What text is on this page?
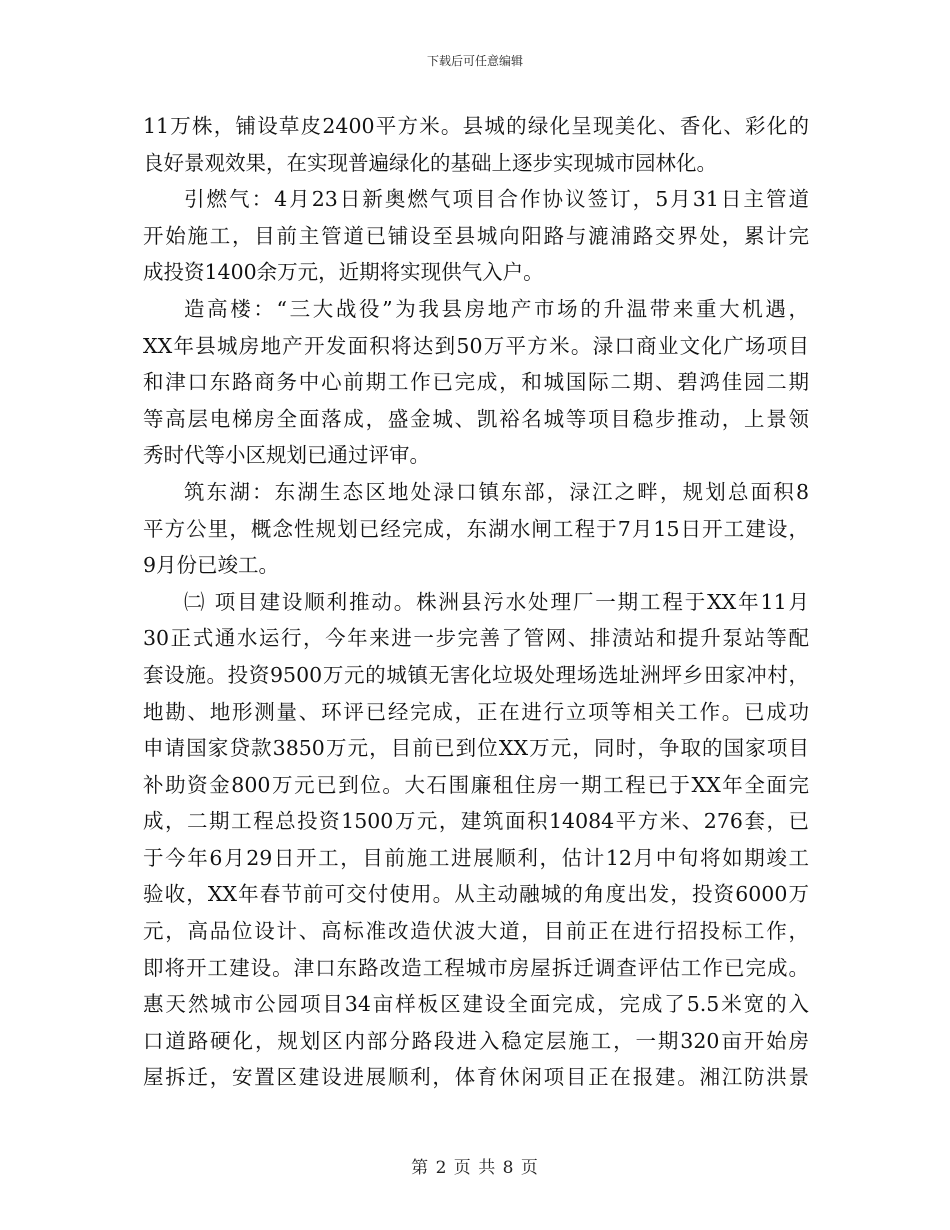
下载后可任意编辑
11万株，铺设草皮2400平方米。县城的绿化呈现美化、香化、彩化的
良好景观效果，在实现普遍绿化的基础上逐步实现城市园林化。
引燃气：4月23日新奥燃气项目合作协议签订，5月31日主管道
开始施工，目前主管道已铺设至县城向阳路与漉浦路交界处，累计完
成投资1400余万元，近期将实现供气入户。
造高楼：“三大战役”为我县房地产市场的升温带来重大机遇，
XX年县城房地产开发面积将达到50万平方米。渌口商业文化广场项目
和津口东路商务中心前期工作已完成，和城国际二期、碧鸿佳园二期
等高层电梯房全面落成，盛金城、凯裕名城等项目稳步推动，上景领
秀时代等小区规划已通过评审。
筑东湖：东湖生态区地处渌口镇东部，渌江之畔，规划总面积8
平方公里，概念性规划已经完成，东湖水闸工程于7月15日开工建设，
9月份已竣工。
㈡ 项目建设顺利推动。株洲县污水处理厂一期工程于XX年11月
30正式通水运行，今年来进一步完善了管网、排渍站和提升泵站等配
套设施。投资9500万元的城镇无害化垃圾处理场选址洲坪乡田家冲村，
地勘、地形测量、环评已经完成，正在进行立项等相关工作。已成功
申请国家贷款3850万元，目前已到位XX万元，同时，争取的国家项目
补助资金800万元已到位。大石围廉租住房一期工程已于XX年全面完
成，二期工程总投资1500万元，建筑面积14084平方米、276套，已
于今年6月29日开工，目前施工进展顺利，估计12月中旬将如期竣工
验收，XX年春节前可交付使用。从主动融城的角度出发，投资6000万
元，高品位设计、高标准改造伏波大道，目前正在进行招投标工作，
即将开工建设。津口东路改造工程城市房屋拆迁调查评估工作已完成。
惠天然城市公园项目34亩样板区建设全面完成，完成了5.5米宽的入
口道路硬化，规划区内部分路段进入稳定层施工，一期320亩开始房
屋拆迁，安置区建设进展顺利，体育休闲项目正在报建。湘江防洪景
第 2 页 共 8 页
